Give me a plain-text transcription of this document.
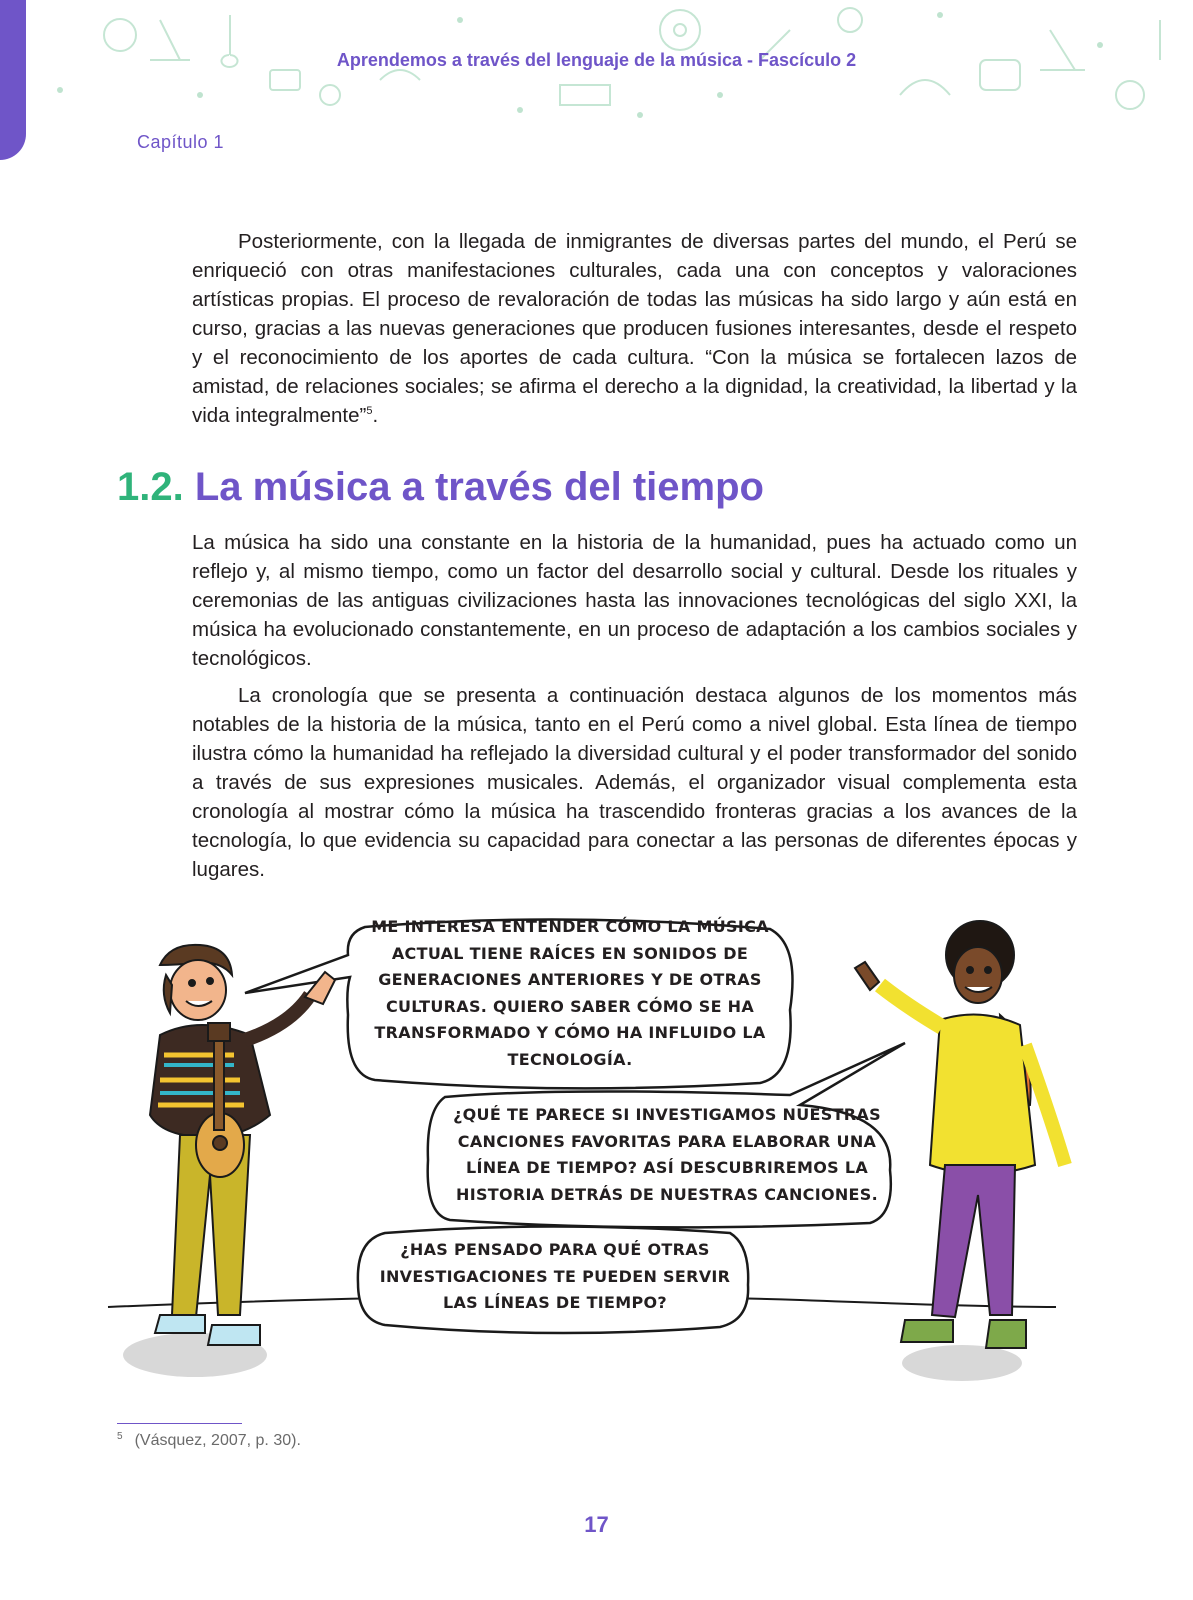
Aprendemos a través del lenguaje de la música - Fascículo 2
Capítulo 1

Posteriormente, con la llegada de inmigrantes de diversas partes del mundo, el Perú se enriqueció con otras manifestaciones culturales, cada una con conceptos y valoraciones artísticas propias. El proceso de revaloración de todas las músicas ha sido largo y aún está en curso, gracias a las nuevas generaciones que producen fusiones interesantes, desde el respeto y el reconocimiento de los aportes de cada cultura. “Con la música se fortalecen lazos de amistad, de relaciones sociales; se afirma el derecho a la dignidad, la creatividad, la libertad y la vida integralmente”$^5$.

1.2. La música a través del tiempo

La música ha sido una constante en la historia de la humanidad, pues ha actuado como un reflejo y, al mismo tiempo, como un factor del desarrollo social y cultural. Desde los rituales y ceremonias de las antiguas civilizaciones hasta las innovaciones tecnológicas del siglo XXI, la música ha evolucionado constantemente, en un proceso de adaptación a los cambios sociales y tecnológicos.

La cronología que se presenta a continuación destaca algunos de los momentos más notables de la historia de la música, tanto en el Perú como a nivel global. Esta línea de tiempo ilustra cómo la humanidad ha reflejado la diversidad cultural y el poder transformador del sonido a través de sus expresiones musicales. Además, el organizador visual complementa esta cronología al mostrar cómo la música ha trascendido fronteras gracias a los avances de la tecnología, lo que evidencia su capacidad para conectar a las personas de diferentes épocas y lugares.

ME INTERESA ENTENDER CÓMO LA MÚSICA ACTUAL TIENE RAÍCES EN SONIDOS DE GENERACIONES ANTERIORES Y DE OTRAS CULTURAS. QUIERO SABER CÓMO SE HA TRANSFORMADO Y CÓMO HA INFLUIDO LA TECNOLOGÍA.
¿QUÉ TE PARECE SI INVESTIGAMOS NUESTRAS CANCIONES FAVORITAS PARA ELABORAR UNA LÍNEA DE TIEMPO? ASÍ DESCUBRIREMOS LA HISTORIA DETRÁS DE NUESTRAS CANCIONES.
¿HAS PENSADO PARA QUÉ OTRAS INVESTIGACIONES TE PUEDEN SERVIR LAS LÍNEAS DE TIEMPO?
$^5$ (Vásquez, 2007, p. 30).
17
